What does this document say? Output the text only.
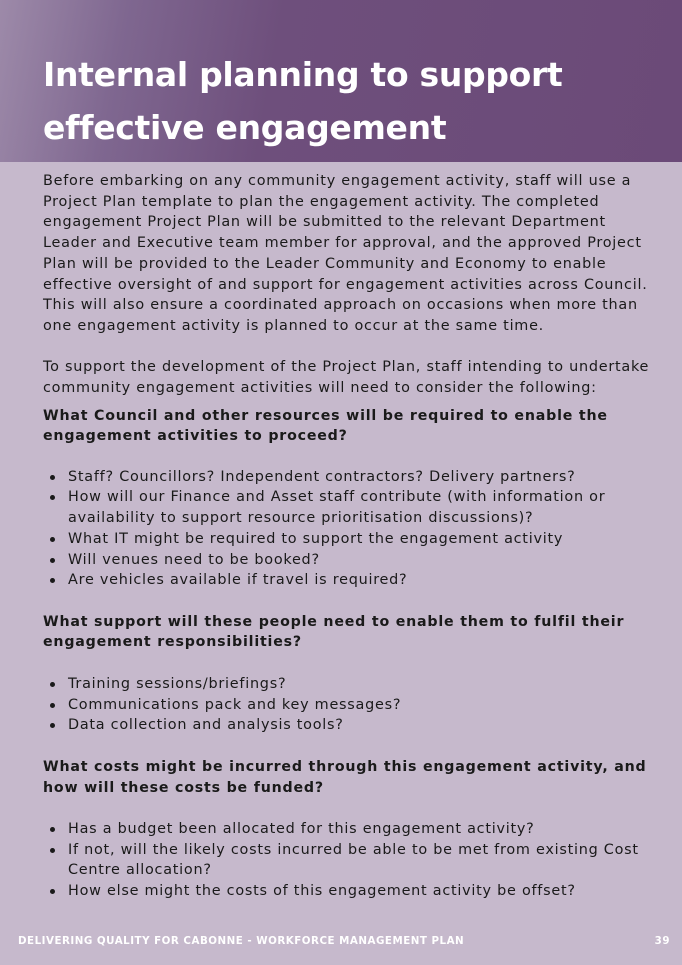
Internal planning to support
effective engagement

Before embarking on any community engagement activity, staff will use a Project Plan template to plan the engagement activity. The completed engagement Project Plan will be submitted to the relevant Department Leader and Executive team member for approval, and the approved Project Plan will be provided to the Leader Community and Economy to enable effective oversight of and support for engagement activities across Council. This will also ensure a coordinated approach on occasions when more than one engagement activity is planned to occur at the same time.

To support the development of the Project Plan, staff intending to undertake community engagement activities will need to consider the following:

What Council and other resources will be required to enable the engagement activities to proceed?
Staff? Councillors? Independent contractors? Delivery partners?
How will our Finance and Asset staff contribute (with information or availability to support resource prioritisation discussions)?
What IT might be required to support the engagement activity
Will venues need to be booked?
Are vehicles available if travel is required?
What support will these people need to enable them to fulfil their engagement responsibilities?
Training sessions/briefings?
Communications pack and key messages?
Data collection and analysis tools?
What costs might be incurred through this engagement activity, and how will these costs be funded?
Has a budget been allocated for this engagement activity?
If not, will the likely costs incurred be able to be met from existing Cost Centre allocation?
How else might the costs of this engagement activity be offset?
DELIVERING QUALITY FOR CABONNE - WORKFORCE MANAGEMENT PLAN	39
